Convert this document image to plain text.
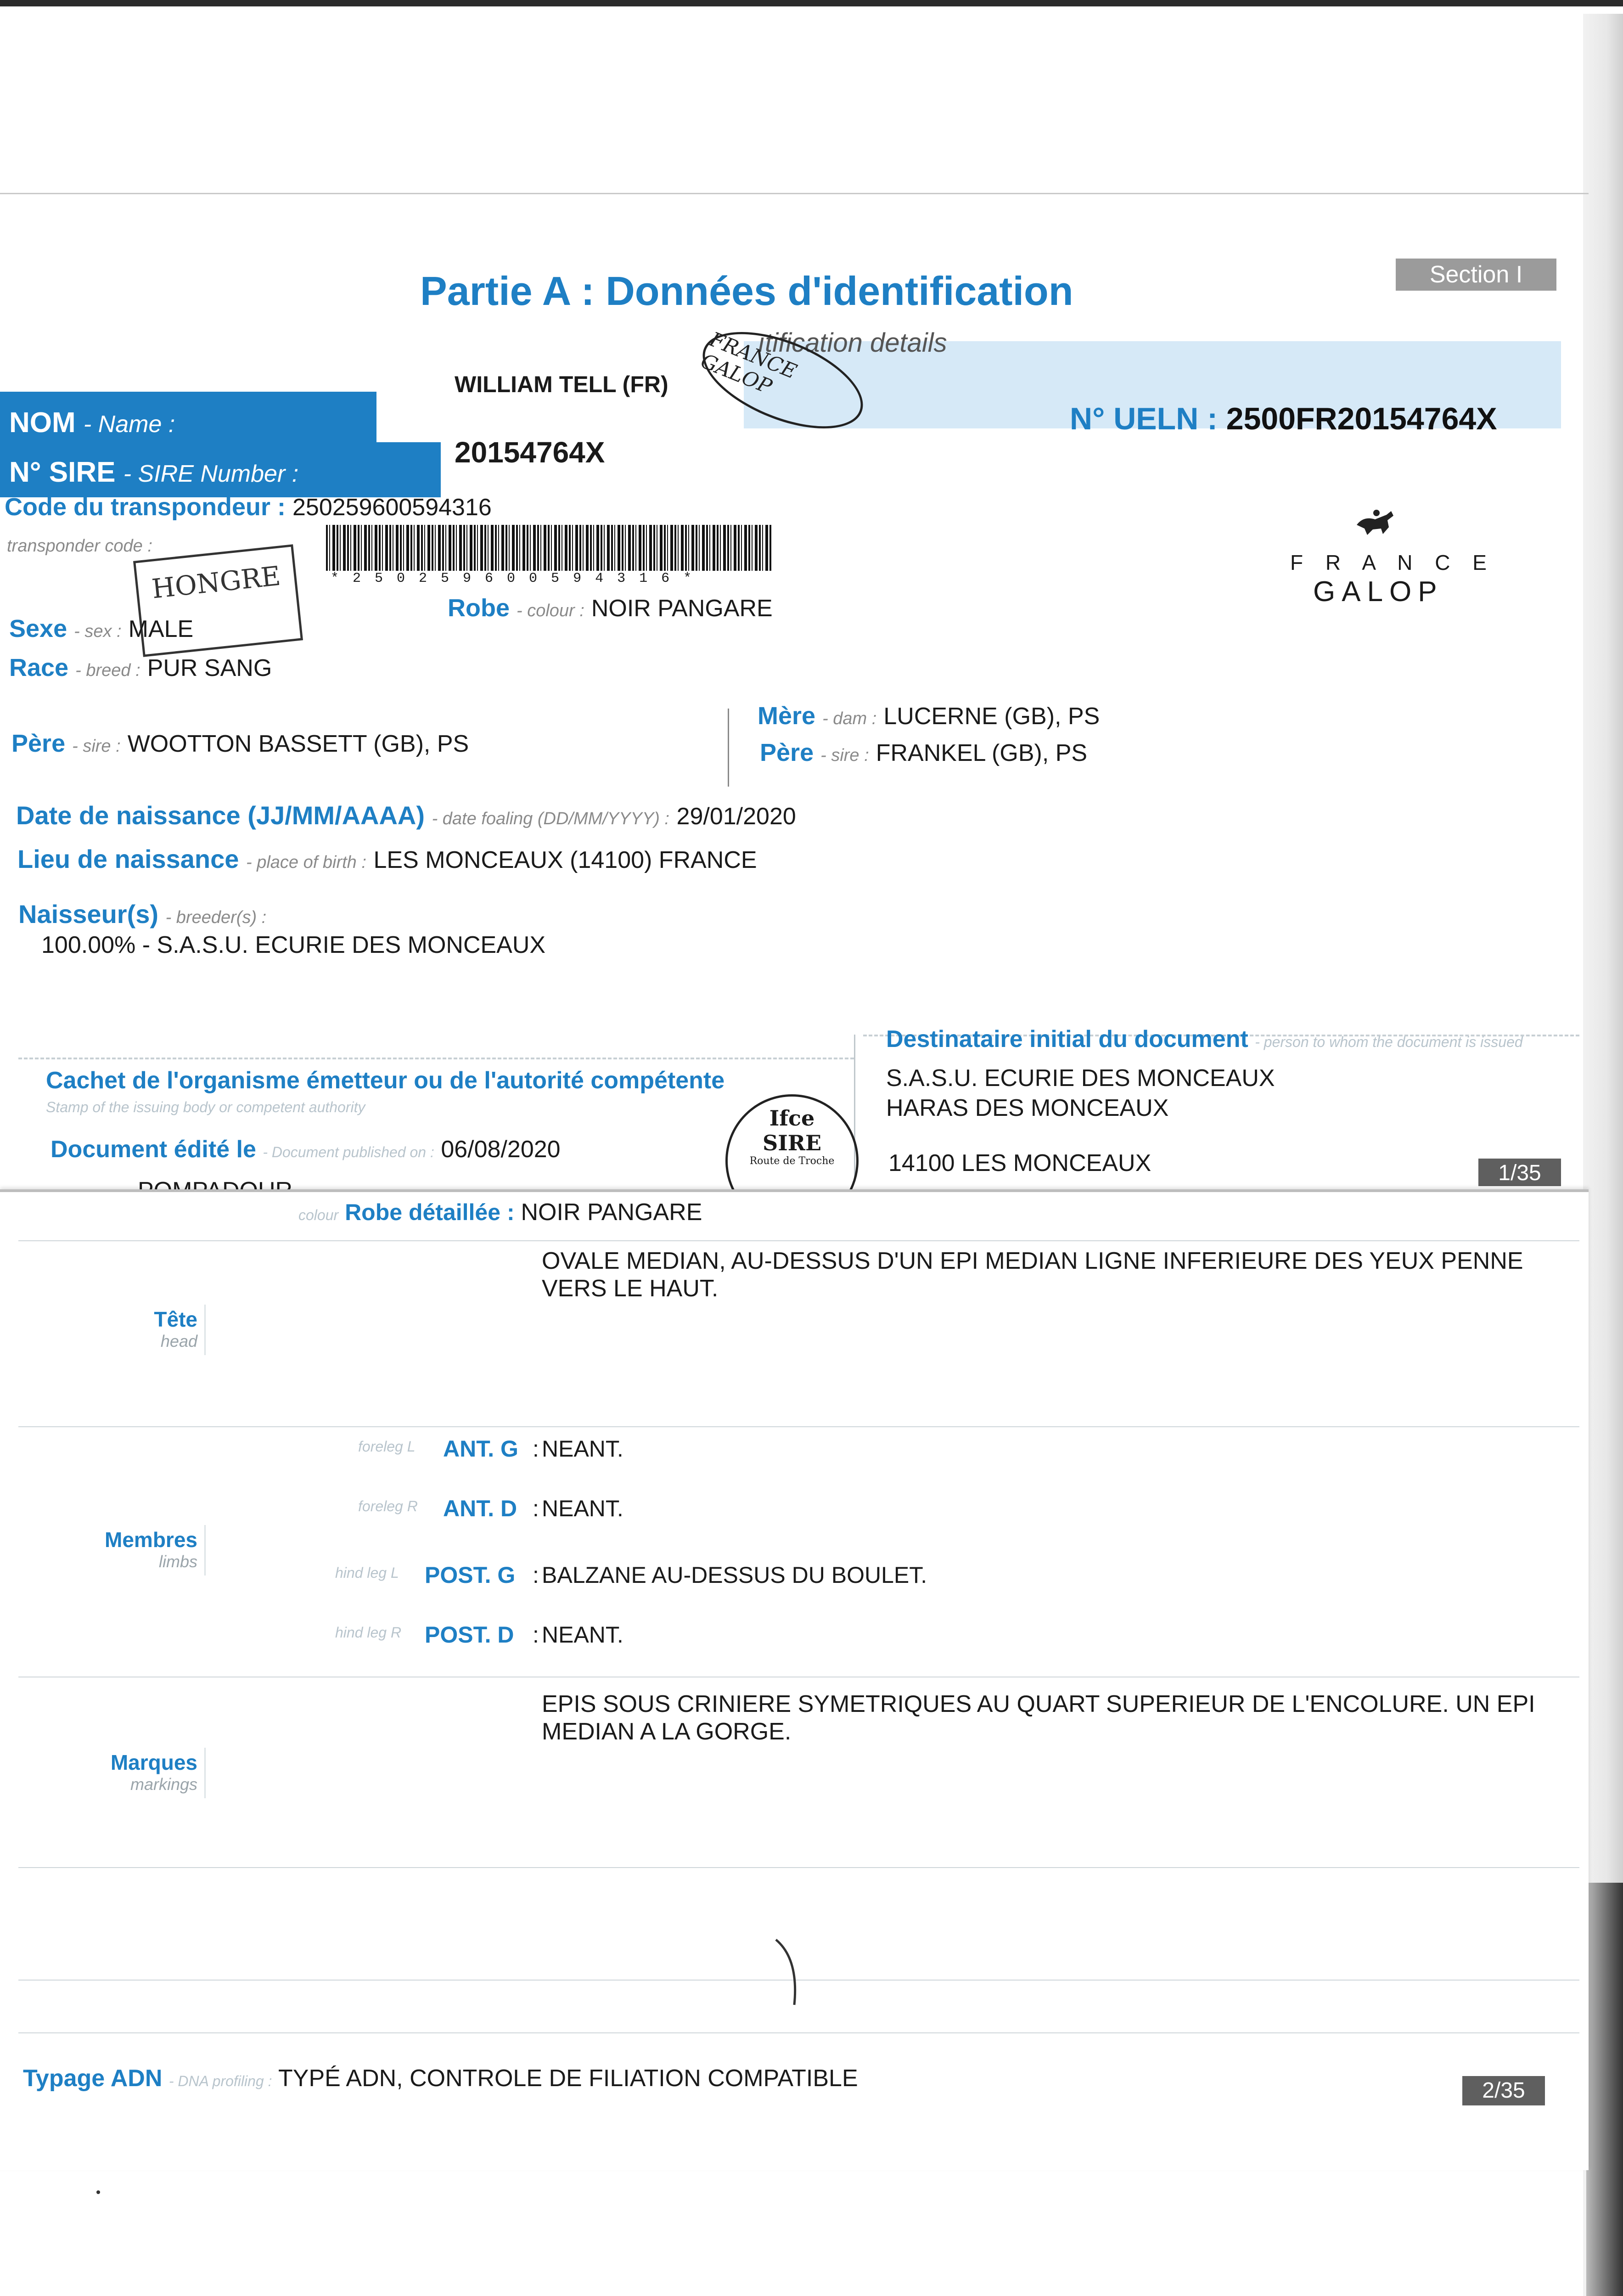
Section I
Partie A : Données d'identification
ıtification details
NOM - Name :
N° SIRE - SIRE Number :
WILLIAM TELL (FR)
FRANCE GALOP
20154764X
N° UELN : 2500FR20154764X
Code du transpondeur : 250259600594316
transponder code :
* 2 5 0 2 5 9 6 0 0 5 9 4 3 1 6 *
F R A N C E
GALOP
HONGRE
Sexe - sex : MALE
Robe - colour : NOIR PANGARE
Race - breed : PUR SANG
Père - sire : WOOTTON BASSETT (GB), PS
Mère - dam : LUCERNE (GB), PS
Père - sire : FRANKEL (GB), PS
Date de naissance (JJ/MM/AAAA) - date foaling (DD/MM/YYYY) : 29/01/2020
Lieu de naissance - place of birth : LES MONCEAUX (14100) FRANCE
Naisseur(s) - breeder(s) :
100.00% - S.A.S.U. ECURIE DES MONCEAUX
Cachet de l'organisme émetteur ou de l'autorité compétente
Stamp of the issuing body or competent authority	Ifce
SIRE
Route de Troche
Document édité le - Document published on : 06/08/2020
Destinataire initial du document - person to whom the document is issued
S.A.S.U. ECURIE DES MONCEAUX
HARAS DES MONCEAUX
14100 LES MONCEAUX	1/35
colour Robe détaillée : NOIR PANGARE
Tête
head
OVALE MEDIAN, AU-DESSUS D'UN EPI MEDIAN LIGNE INFERIEURE DES YEUX PENNE VERS LE HAUT.
Membres
limbs
foreleg L ANT. G : NEANT.
foreleg R ANT. D : NEANT.
hind leg L POST. G : BALZANE AU-DESSUS DU BOULET.
hind leg R POST. D : NEANT.
Marques
markings
EPIS SOUS CRINIERE SYMETRIQUES AU QUART SUPERIEUR DE L'ENCOLURE. UN EPI MEDIAN A LA GORGE.
Typage ADN - DNA profiling : TYPÉ ADN, CONTROLE DE FILIATION COMPATIBLE	2/35
